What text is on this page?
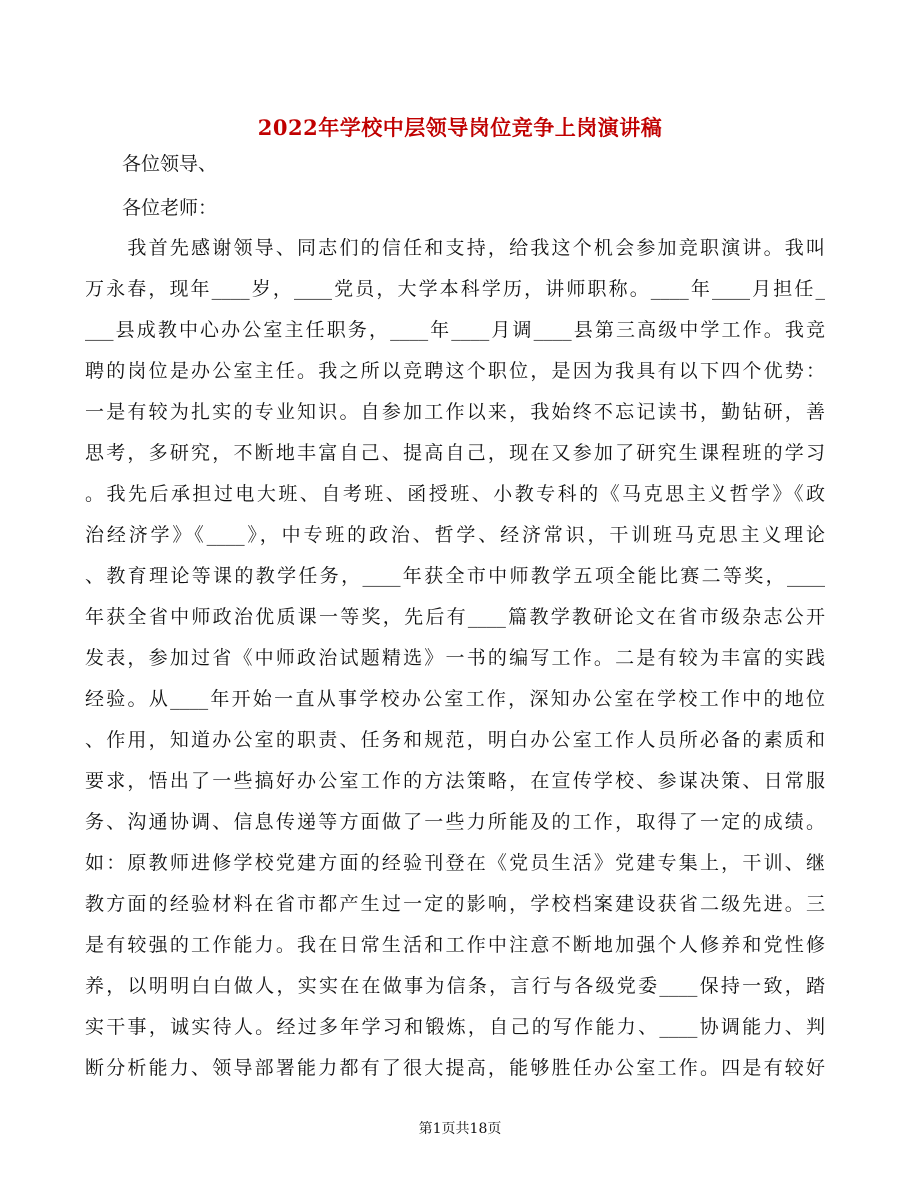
2022年学校中层领导岗位竞争上岗演讲稿
各位领导、
各位老师：
　　我首先感谢领导、同志们的信任和支持，给我这个机会参加竞职演讲。我叫
万永春，现年____岁，____党员，大学本科学历，讲师职称。____年____月担任_
___县成教中心办公室主任职务，____年____月调____县第三高级中学工作。我竞
聘的岗位是办公室主任。我之所以竞聘这个职位，是因为我具有以下四个优势：
一是有较为扎实的专业知识。自参加工作以来，我始终不忘记读书，勤钻研，善
思考，多研究，不断地丰富自己、提高自己，现在又参加了研究生课程班的学习
。我先后承担过电大班、自考班、函授班、小教专科的《马克思主义哲学》《政
治经济学》《____》，中专班的政治、哲学、经济常识，干训班马克思主义理论
、教育理论等课的教学任务，____年获全市中师教学五项全能比赛二等奖，____
年获全省中师政治优质课一等奖，先后有____篇教学教研论文在省市级杂志公开
发表，参加过省《中师政治试题精选》一书的编写工作。二是有较为丰富的实践
经验。从____年开始一直从事学校办公室工作，深知办公室在学校工作中的地位
、作用，知道办公室的职责、任务和规范，明白办公室工作人员所必备的素质和
要求，悟出了一些搞好办公室工作的方法策略，在宣传学校、参谋决策、日常服
务、沟通协调、信息传递等方面做了一些力所能及的工作，取得了一定的成绩。
如：原教师进修学校党建方面的经验刊登在《党员生活》党建专集上，干训、继
教方面的经验材料在省市都产生过一定的影响，学校档案建设获省二级先进。三
是有较强的工作能力。我在日常生活和工作中注意不断地加强个人修养和党性修
养，以明明白白做人，实实在在做事为信条，言行与各级党委____保持一致，踏
实干事，诚实待人。经过多年学习和锻炼，自己的写作能力、____协调能力、判
断分析能力、领导部署能力都有了很大提高，能够胜任办公室工作。四是有较好
第1页共18页
